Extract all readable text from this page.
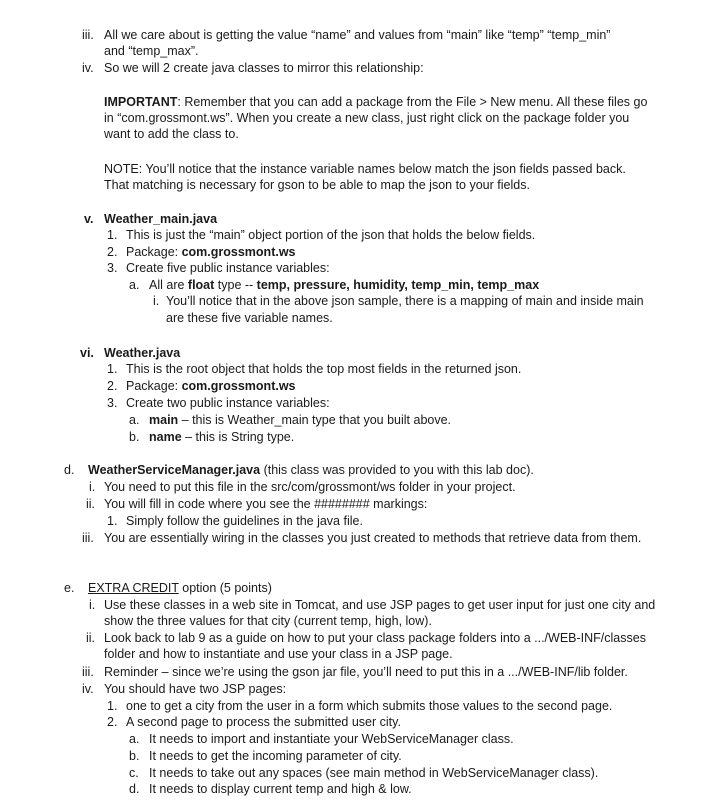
iii. All we care about is getting the value “name” and values from “main” like “temp” “temp_min”
and “temp_max”.
iv. So we will 2 create java classes to mirror this relationship:
IMPORTANT: Remember that you can add a package from the File > New menu. All these files go
in “com.grossmont.ws”. When you create a new class, just right click on the package folder you
want to add the class to.
NOTE: You’ll notice that the instance variable names below match the json fields passed back.
That matching is necessary for gson to be able to map the json to your fields.
v. Weather_main.java
1. This is just the “main” object portion of the json that holds the below fields.
2. Package: com.grossmont.ws
3. Create five public instance variables:
a. All are float type -- temp, pressure, humidity, temp_min, temp_max
i. You’ll notice that in the above json sample, there is a mapping of main and inside main
are these five variable names.
vi. Weather.java
1. This is the root object that holds the top most fields in the returned json.
2. Package: com.grossmont.ws
3. Create two public instance variables:
a. main – this is Weather_main type that you built above.
b. name – this is String type.
d. WeatherServiceManager.java (this class was provided to you with this lab doc).
i. You need to put this file in the src/com/grossmont/ws folder in your project.
ii. You will fill in code where you see the ######## markings:
1. Simply follow the guidelines in the java file.
iii. You are essentially wiring in the classes you just created to methods that retrieve data from them.
e. EXTRA CREDIT option (5 points)
i. Use these classes in a web site in Tomcat, and use JSP pages to get user input for just one city and
show the three values for that city (current temp, high, low).
ii. Look back to lab 9 as a guide on how to put your class package folders into a .../WEB-INF/classes
folder and how to instantiate and use your class in a JSP page.
iii. Reminder – since we’re using the gson jar file, you’ll need to put this in a .../WEB-INF/lib folder.
iv. You should have two JSP pages:
1. one to get a city from the user in a form which submits those values to the second page.
2. A second page to process the submitted user city.
a. It needs to import and instantiate your WebServiceManager class.
b. It needs to get the incoming parameter of city.
c. It needs to take out any spaces (see main method in WebServiceManager class).
d. It needs to display current temp and high & low.
